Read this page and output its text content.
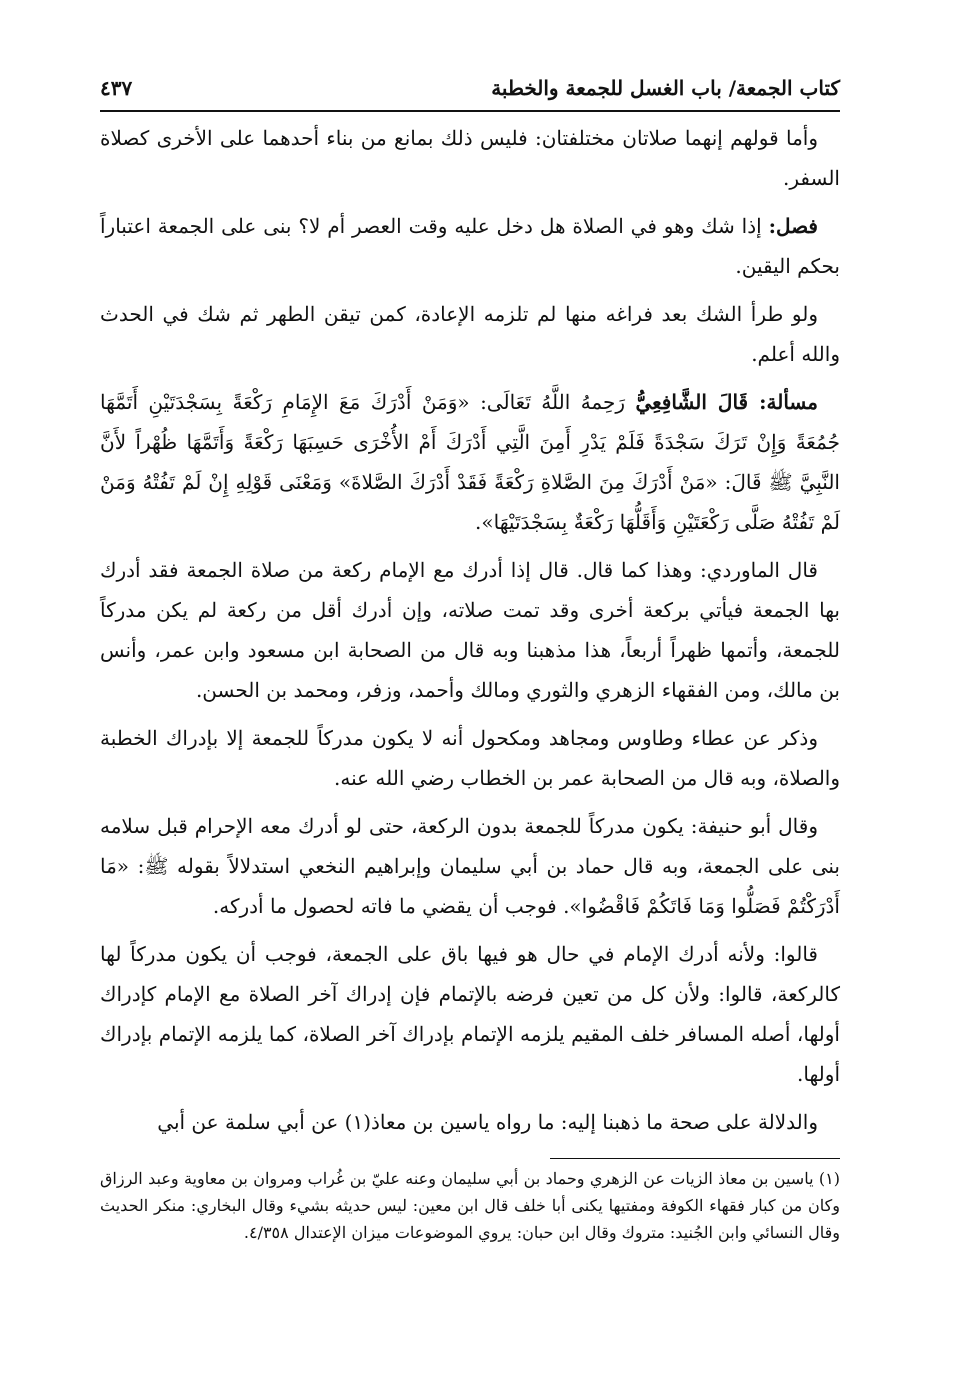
كتاب الجمعة/ باب الغسل للجمعة والخطبة
٤٣٧

وأما قولهم إنهما صلاتان مختلفتان: فليس ذلك بمانع من بناء أحدهما على الأخرى كصلاة السفر.

فصل: إذا شك وهو في الصلاة هل دخل عليه وقت العصر أم لا؟ بنى على الجمعة اعتباراً بحكم اليقين.

ولو طرأ الشك بعد فراغه منها لم تلزمه الإعادة، كمن تيقن الطهر ثم شك في الحدث والله أعلم.

مسألة: قَالَ الشَّافِعِيُّ رَحِمهُ اللَّهُ تَعَالَى: «وَمَنْ أَدْرَكَ مَعَ الإِمَامِ رَكْعَةً بِسَجْدَتَيْنِ أَتَمَّهَا جُمُعَةً وَإِنْ تَرَكَ سَجْدَةً فَلَمْ يَدْرِ أَمِنَ الَّتِي أَدْرَكَ أَمْ الأُخْرَى حَسِبَهَا رَكْعَةً وَأَتَمَّهَا ظُهْراً لأَنَّ النَّبِيَّ ﷺ قَالَ: «مَنْ أَدْرَكَ مِنَ الصَّلاةِ رَكْعَةً فَقَدْ أَدْرَكَ الصَّلاةَ» وَمَعْنَى قَوْلِهِ إِنْ لَمْ تَفُتْهُ وَمَنْ لَمْ تَفُتْهُ صَلَّى رَكْعَتَيْنِ وَأَقَلُّهَا رَكْعَةٌ بِسَجْدَتَيْهَا».

قال الماوردي: وهذا كما قال. قال إذا أدرك مع الإمام ركعة من صلاة الجمعة فقد أدرك بها الجمعة فيأتي بركعة أخرى وقد تمت صلاته، وإن أدرك أقل من ركعة لم يكن مدركاً للجمعة، وأتمها ظهراً أربعاً، هذا مذهبنا وبه قال من الصحابة ابن مسعود وابن عمر، وأنس بن مالك، ومن الفقهاء الزهري والثوري ومالك وأحمد، وزفر، ومحمد بن الحسن.

وذكر عن عطاء وطاوس ومجاهد ومكحول أنه لا يكون مدركاً للجمعة إلا بإدراك الخطبة والصلاة، وبه قال من الصحابة عمر بن الخطاب رضي الله عنه.

وقال أبو حنيفة: يكون مدركاً للجمعة بدون الركعة، حتى لو أدرك معه الإحرام قبل سلامه بنى على الجمعة، وبه قال حماد بن أبي سليمان وإبراهيم النخعي استدلالاً بقوله ﷺ: «مَا أَدْرَكْتُمْ فَصَلُّوا وَمَا فَاتَكُمْ فَاقْضُوا». فوجب أن يقضي ما فاته لحصول ما أدركه.

قالوا: ولأنه أدرك الإمام في حال هو فيها باق على الجمعة، فوجب أن يكون مدركاً لها كالركعة، قالوا: ولأن كل من تعين فرضه بالإتمام فإن إدراك آخر الصلاة مع الإمام كإدراك أولها، أصله المسافر خلف المقيم يلزمه الإتمام بإدراك آخر الصلاة، كما يلزمه الإتمام بإدراك أولها.

والدلالة على صحة ما ذهبنا إليه: ما رواه ياسين بن معاذ(١) عن أبي سلمة عن أبي

(١) ياسين بن معاذ الزيات عن الزهري وحماد بن أبي سليمان وعنه عليّ بن غُراب ومروان بن معاوية وعبد الرزاق وكان من كبار فقهاء الكوفة ومفتيها يكنى أبا خلف قال ابن معين: ليس حديثه بشيء وقال البخاري: منكر الحديث وقال النسائي وابن الجُنيد: متروك وقال ابن حبان: يروي الموضوعات ميزان الإعتدال ٤/٣٥٨.
